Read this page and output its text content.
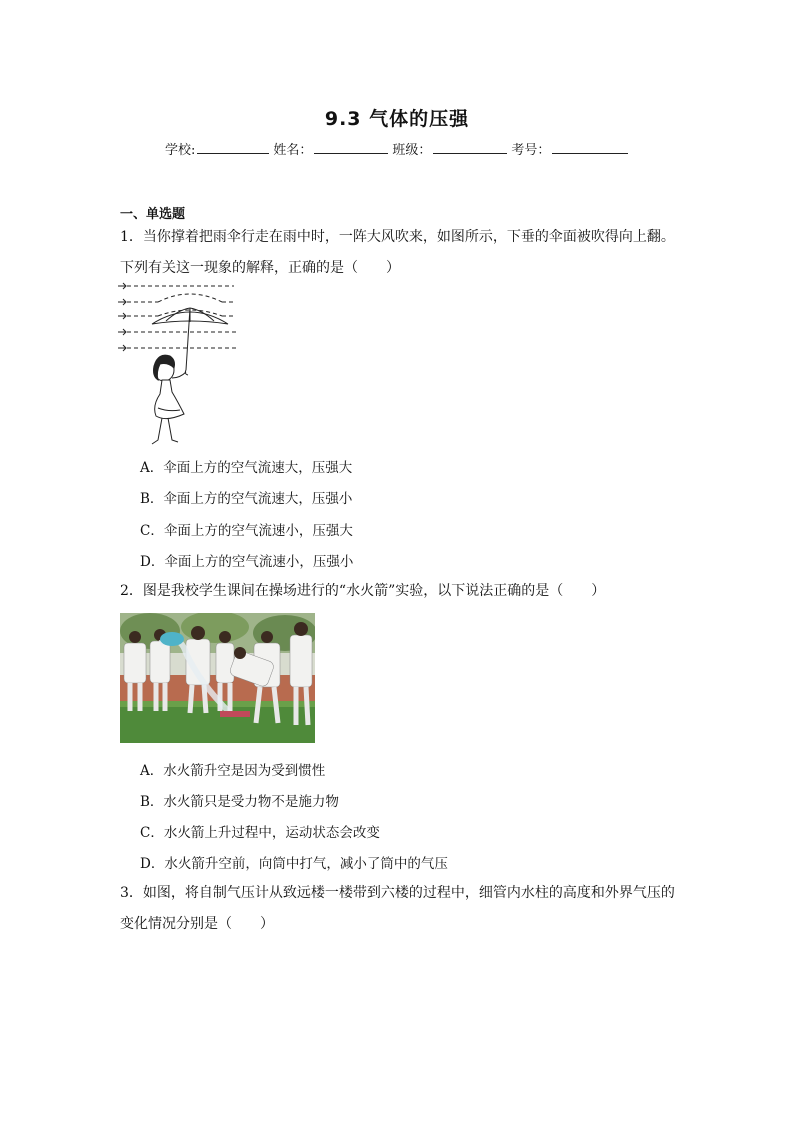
9.3 气体的压强
学校:	姓名：	班级：	考号：
一、单选题
1．当你撑着把雨伞行走在雨中时，一阵大风吹来，如图所示，下垂的伞面被吹得向上翻。
下列有关这一现象的解释，正确的是（　　）
A．伞面上方的空气流速大，压强大
B．伞面上方的空气流速大，压强小
C．伞面上方的空气流速小，压强大
D．伞面上方的空气流速小，压强小
2．图是我校学生课间在操场进行的“水火箭”实验，以下说法正确的是（　　）
A．水火箭升空是因为受到惯性
B．水火箭只是受力物不是施力物
C．水火箭上升过程中，运动状态会改变
D．水火箭升空前，向筒中打气，减小了筒中的气压
3．如图，将自制气压计从致远楼一楼带到六楼的过程中，细管内水柱的高度和外界气压的
变化情况分别是（　　）
